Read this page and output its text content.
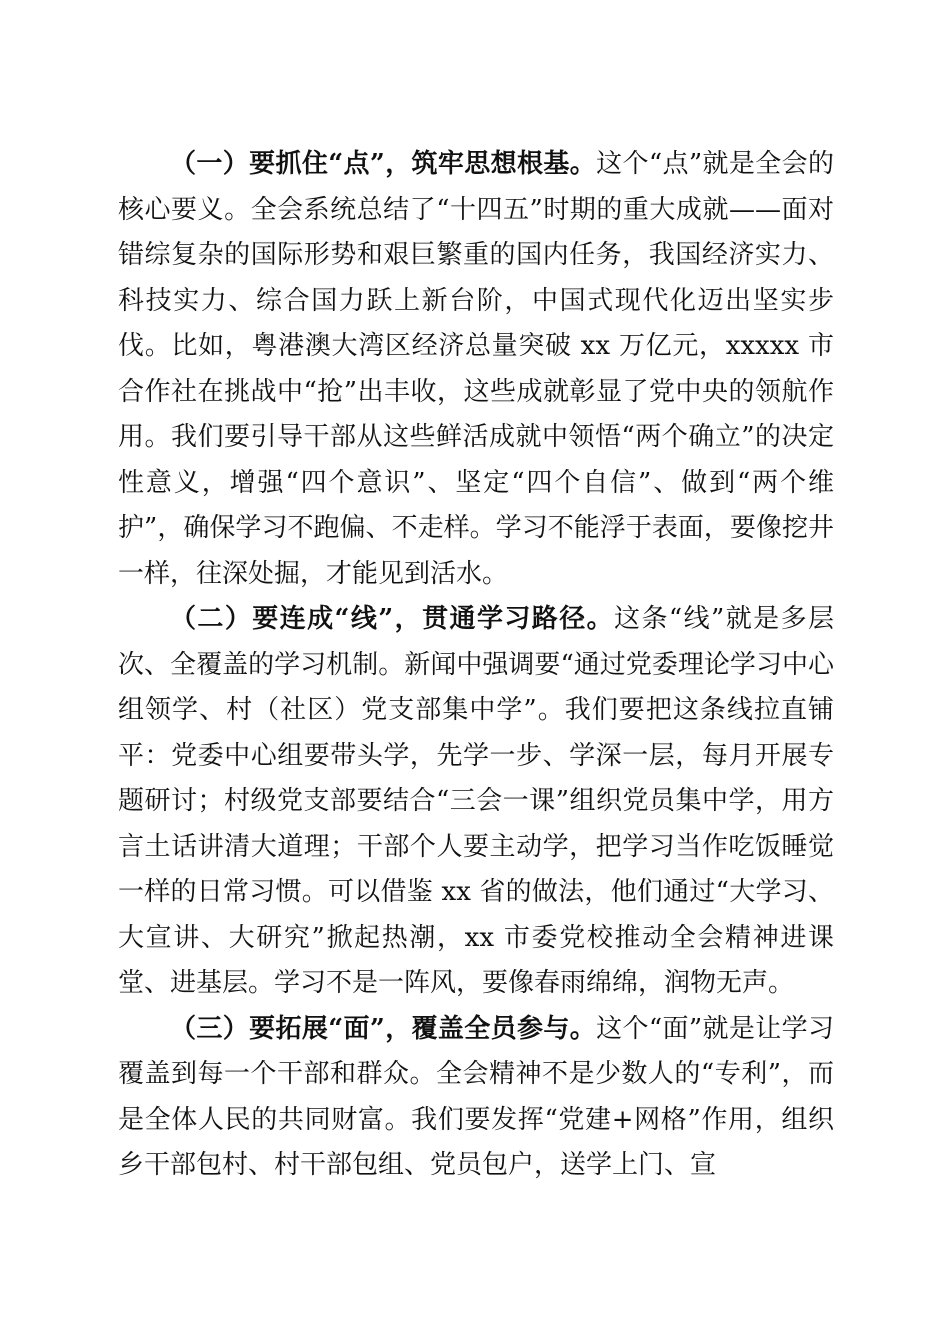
（一）要抓住“点”，筑牢思想根基。这个“点”就是全会的核心要义。全会系统总结了“十四五”时期的重大成就——面对错综复杂的国际形势和艰巨繁重的国内任务，我国经济实力、科技实力、综合国力跃上新台阶，中国式现代化迈出坚实步伐。比如，粤港澳大湾区经济总量突破 xx 万亿元，xxxxx 市合作社在挑战中“抢”出丰收，这些成就彰显了党中央的领航作用。我们要引导干部从这些鲜活成就中领悟“两个确立”的决定性意义，增强“四个意识”、坚定“四个自信”、做到“两个维护”，确保学习不跑偏、不走样。学习不能浮于表面，要像挖井一样，往深处掘，才能见到活水。

（二）要连成“线”，贯通学习路径。这条“线”就是多层次、全覆盖的学习机制。新闻中强调要“通过党委理论学习中心组领学、村（社区）党支部集中学”。我们要把这条线拉直铺平：党委中心组要带头学，先学一步、学深一层，每月开展专题研讨；村级党支部要结合“三会一课”组织党员集中学，用方言土话讲清大道理；干部个人要主动学，把学习当作吃饭睡觉一样的日常习惯。可以借鉴 xx 省的做法，他们通过“大学习、大宣讲、大研究”掀起热潮，xx 市委党校推动全会精神进课堂、进基层。学习不是一阵风，要像春雨绵绵，润物无声。

（三）要拓展“面”，覆盖全员参与。这个“面”就是让学习覆盖到每一个干部和群众。全会精神不是少数人的“专利”，而是全体人民的共同财富。我们要发挥“党建+网格”作用，组织乡干部包村、村干部包组、党员包户，送学上门、宣
